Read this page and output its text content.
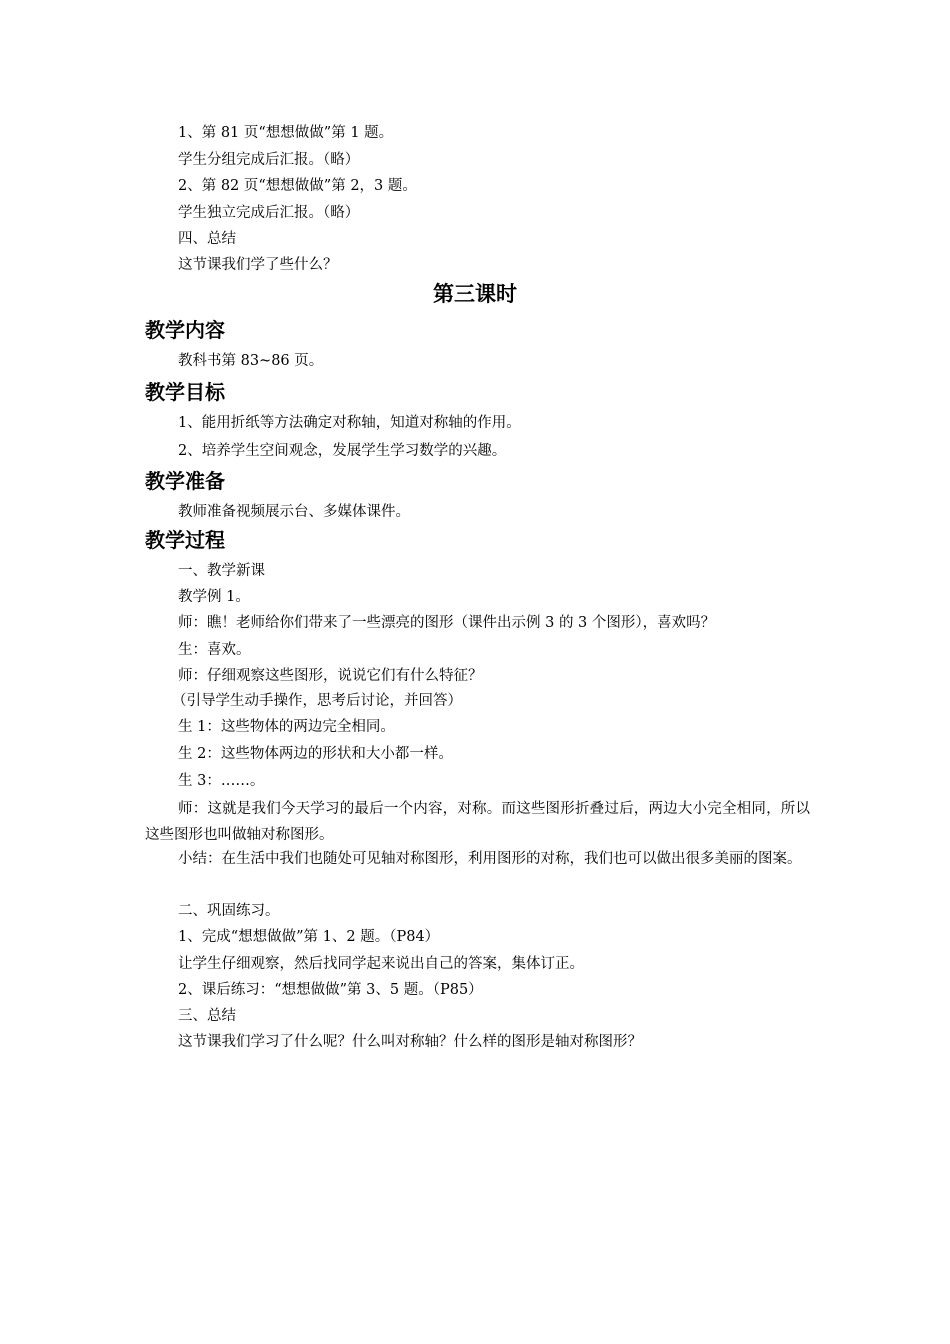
1、第 81 页“想想做做”第 1 题。
学生分组完成后汇报。（略）
2、第 82 页“想想做做”第 2，3 题。
学生独立完成后汇报。（略）
四、总结
这节课我们学了些什么？
第三课时
教学内容
教科书第 83~86 页。
教学目标
1、能用折纸等方法确定对称轴，知道对称轴的作用。
2、培养学生空间观念，发展学生学习数学的兴趣。
教学准备
教师准备视频展示台、多媒体课件。
教学过程
一、教学新课
教学例 1。
师：瞧！老师给你们带来了一些漂亮的图形（课件出示例 3 的 3 个图形），喜欢吗？
生：喜欢。
师：仔细观察这些图形，说说它们有什么特征？
（引导学生动手操作，思考后讨论，并回答）
生 1：这些物体的两边完全相同。
生 2：这些物体两边的形状和大小都一样。
生 3：……。
师：这就是我们今天学习的最后一个内容，对称。而这些图形折叠过后，两边大小完全相同，所以这些图形也叫做轴对称图形。
小结：在生活中我们也随处可见轴对称图形，利用图形的对称，我们也可以做出很多美丽的图案。
二、巩固练习。
1、完成“想想做做”第 1、2 题。（P84）
让学生仔细观察，然后找同学起来说出自己的答案，集体订正。
2、课后练习：“想想做做”第 3、5 题。（P85）
三、总结
这节课我们学习了什么呢？什么叫对称轴？什么样的图形是轴对称图形？
